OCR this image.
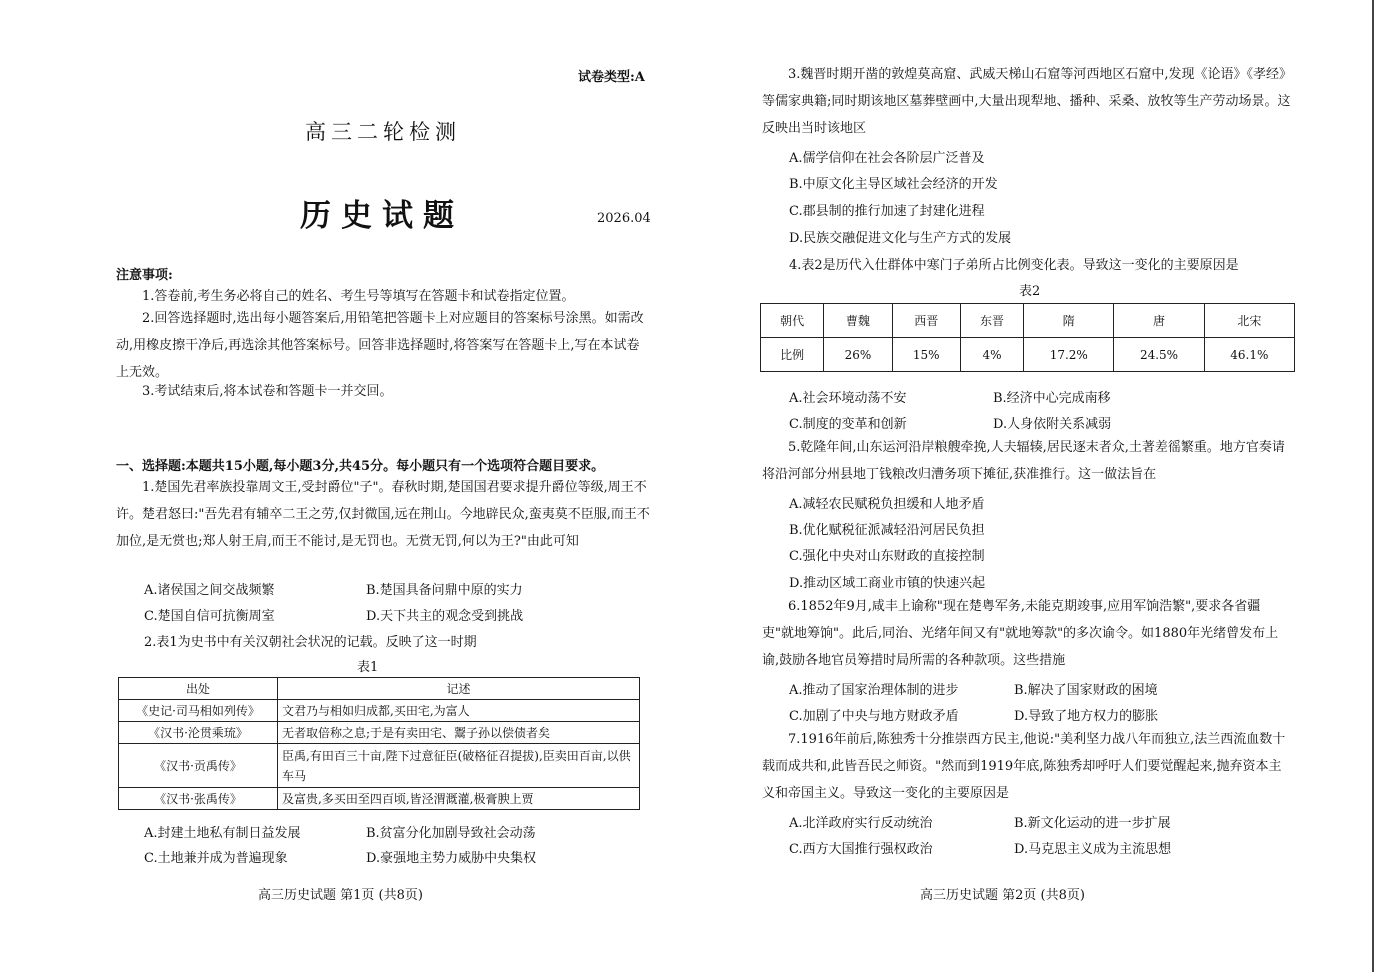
试卷类型:A
高三二轮检测
历史试题	2026.04
注意事项:
1.答卷前,考生务必将自己的姓名、考生号等填写在答题卡和试卷指定位置。
2.回答选择题时,选出每小题答案后,用铅笔把答题卡上对应题目的答案标号涂黑。如需改动,用橡皮擦干净后,再选涂其他答案标号。回答非选择题时,将答案写在答题卡上,写在本试卷上无效。
3.考试结束后,将本试卷和答题卡一并交回。
一、选择题:本题共15小题,每小题3分,共45分。每小题只有一个选项符合题目要求。
1.楚国先君率族投靠周文王,受封爵位"子"。春秋时期,楚国国君要求提升爵位等级,周王不许。楚君怒曰:"吾先君有辅卒二王之劳,仅封微国,远在荆山。今地辟民众,蛮夷莫不臣服,而王不加位,是无赏也;郑人射王肩,而王不能讨,是无罚也。无赏无罚,何以为王?"由此可知
A.诸侯国之间交战频繁	B.楚国具备问鼎中原的实力
C.楚国自信可抗衡周室	D.天下共主的观念受到挑战
2.表1为史书中有关汉朝社会状况的记载。反映了这一时期
表1
出处	记述
《史记·司马相如列传》	文君乃与相如归成都,买田宅,为富人
《汉书·沦贯乘琉》	无者取倍称之息;于是有卖田宅、鬻子孙以偿债者矣
《汉书·贡禹传》	臣禹,有田百三十亩,陛下过意征臣(破格征召提拔),臣卖田百亩,以供车马
《汉书·张禹传》	及富贵,多买田至四百顷,皆泾渭溉灌,极膏腴上贾
A.封建土地私有制日益发展	B.贫富分化加剧导致社会动荡
C.土地兼并成为普遍现象	D.豪强地主势力威胁中央集权
高三历史试题 第1页 (共8页)
3.魏晋时期开凿的敦煌莫高窟、武威天梯山石窟等河西地区石窟中,发现《论语》《孝经》等儒家典籍;同时期该地区墓葬壁画中,大量出现犁地、播种、采桑、放牧等生产劳动场景。这反映出当时该地区
A.儒学信仰在社会各阶层广泛普及
B.中原文化主导区域社会经济的开发
C.郡县制的推行加速了封建化进程
D.民族交融促进文化与生产方式的发展
4.表2是历代入仕群体中寒门子弟所占比例变化表。导致这一变化的主要原因是
表2
朝代	曹魏	西晋	东晋	隋	唐	北宋
比例	26%	15%	4%	17.2%	24.5%	46.1%
A.社会环境动荡不安	B.经济中心完成南移
C.制度的变革和创新	D.人身依附关系减弱
5.乾隆年间,山东运河沿岸粮艘牵挽,人夫辐辏,居民逐末者众,土著差徭繁重。地方官奏请将沿河部分州县地丁钱粮改归漕务项下摊征,获准推行。这一做法旨在
A.减轻农民赋税负担缓和人地矛盾
B.优化赋税征派减轻沿河居民负担
C.强化中央对山东财政的直接控制
D.推动区域工商业市镇的快速兴起
6.1852年9月,咸丰上谕称"现在楚粤军务,未能克期竣事,应用军饷浩繁",要求各省疆吏"就地筹饷"。此后,同治、光绪年间又有"就地筹款"的多次谕令。如1880年光绪曾发布上谕,鼓励各地官员筹措时局所需的各种款项。这些措施
A.推动了国家治理体制的进步	B.解决了国家财政的困境
C.加剧了中央与地方财政矛盾	D.导致了地方权力的膨胀
7.1916年前后,陈独秀十分推崇西方民主,他说:"美利坚力战八年而独立,法兰西流血数十载而成共和,此皆吾民之师资。"然而到1919年底,陈独秀却呼吁人们要觉醒起来,抛弃资本主义和帝国主义。导致这一变化的主要原因是
A.北洋政府实行反动统治	B.新文化运动的进一步扩展
C.西方大国推行强权政治	D.马克思主义成为主流思想
高三历史试题 第2页 (共8页)
